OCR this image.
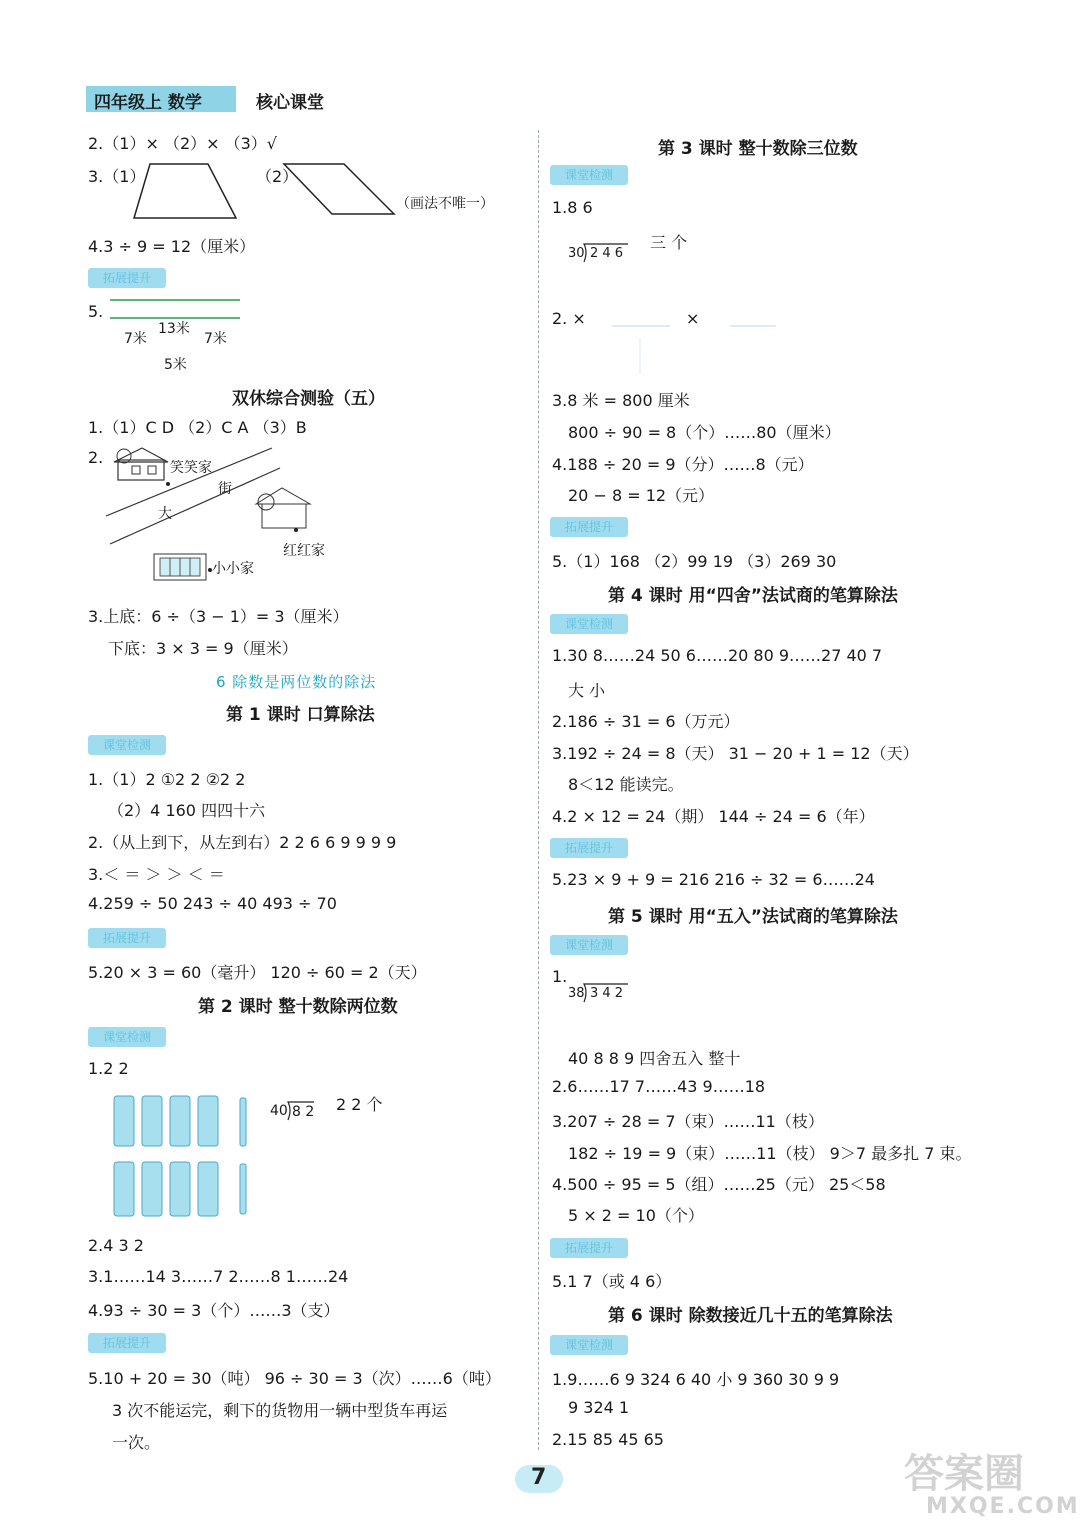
四年级上 数学	核心课堂
2.（1）× （2）× （3）√
3.（1）	（2）
（画法不唯一）
4.3 ÷ 9 = 12（厘米）
拓展提升
5.
13米
7米	7米
5米
双休综合测验（五）
1.（1）C D （2）C A （3）B
2.
笑笑家
街
大
红红家
小小家
3.上底：6 ÷（3 − 1）= 3（厘米）
下底：3 × 3 = 9（厘米）
6 除数是两位数的除法
第 1 课时 口算除法
课堂检测
1.（1）2 ①2 2 ②2 2
（2）4 160 四四十六
2.（从上到下，从左到右）2 2 6 6 9 9 9 9
3.＜ ＝ ＞ ＞ ＜ ＝
4.259 ÷ 50 243 ÷ 40 493 ÷ 70
拓展提升
5.20 × 3 = 60（毫升） 120 ÷ 60 = 2（天）
第 2 课时 整十数除两位数
课堂检测
1.2 2
40 8 2 2 2 个
2.4 3 2
3.1……14 3……7 2……8 1……24
4.93 ÷ 30 = 3（个）……3（支）
拓展提升
5.10 + 20 = 30（吨） 96 ÷ 30 = 3（次）……6（吨）
3 次不能运完，剩下的货物用一辆中型货车再运
一次。
第 3 课时 整十数除三位数
课堂检测
1.8 6
30 2 4 6
三 个
2. ×	×
3.8 米 = 800 厘米
800 ÷ 90 = 8（个）……80（厘米）
4.188 ÷ 20 = 9（分）……8（元）
20 − 8 = 12（元）
拓展提升
5.（1）168 （2）99 19 （3）269 30
第 4 课时 用“四舍”法试商的笔算除法
课堂检测
1.30 8……24 50 6……20 80 9……27 40 7
大 小
2.186 ÷ 31 = 6（万元）
3.192 ÷ 24 = 8（天） 31 − 20 + 1 = 12（天）
8＜12 能读完。
4.2 × 12 = 24（期） 144 ÷ 24 = 6（年）
拓展提升
5.23 × 9 + 9 = 216 216 ÷ 32 = 6……24
第 5 课时 用“五入”法试商的笔算除法
课堂检测
1.
38 3 4 2
40 8 8 9 四舍五入 整十
2.6……17 7……43 9……18
3.207 ÷ 28 = 7（束）……11（枝）
182 ÷ 19 = 9（束）……11（枝） 9＞7 最多扎 7 束。
4.500 ÷ 95 = 5（组）……25（元） 25＜58
5 × 2 = 10（个）
拓展提升
5.1 7（或 4 6）
第 6 课时 除数接近几十五的笔算除法
课堂检测
1.9……6 9 324 6 40 小 9 360 30 9 9
9 324 1
2.15 85 45 65
7	答案圈
MXQE.COM
